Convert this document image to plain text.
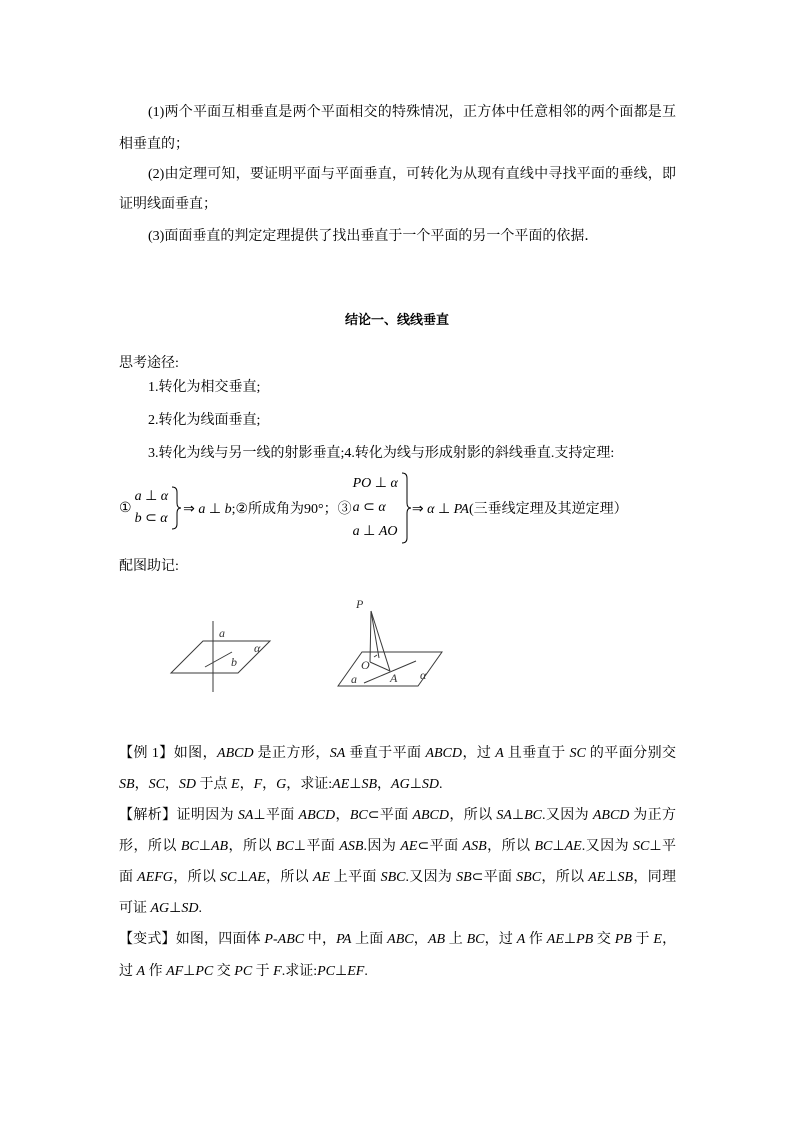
(1)两个平面互相垂直是两个平面相交的特殊情况，正方体中任意相邻的两个面都是互
相垂直的；
(2)由定理可知，要证明平面与平面垂直，可转化为从现有直线中寻找平面的垂线，即
证明线面垂直；
(3)面面垂直的判定定理提供了找出垂直于一个平面的另一个平面的依据．
结论一、线线垂直
思考途径:
1.转化为相交垂直;
2.转化为线面垂直;
3.转化为线与另一线的射影垂直;4.转化为线与形成射影的斜线垂直.支持定理:
①
a ⊥ α
b ⊂ α
⇒ a ⊥ b;②所成角为90°；③
PO ⊥ α
a ⊂ α
a ⊥ AO
⇒ α ⊥ PA(三垂线定理及其逆定理）
配图助记:
a
b
α
P
O
A
a	α
【例 1】如图，ABCD 是正方形，SA 垂直于平面 ABCD，过 A 且垂直于 SC 的平面分别交
SB，SC，SD 于点 E，F，G，求证:AE⊥SB，AG⊥SD.
【解析】证明因为 SA⊥平面 ABCD，BC⊂平面 ABCD，所以 SA⊥BC.又因为 ABCD 为正方
形，所以 BC⊥AB，所以 BC⊥平面 ASB.因为 AE⊂平面 ASB，所以 BC⊥AE.又因为 SC⊥平
面 AEFG，所以 SC⊥AE，所以 AE 上平面 SBC.又因为 SB⊂平面 SBC，所以 AE⊥SB，同理
可证 AG⊥SD.
【变式】如图，四面体 P-ABC 中，PA 上面 ABC，AB 上 BC，过 A 作 AE⊥PB 交 PB 于 E，
过 A 作 AF⊥PC 交 PC 于 F.求证:PC⊥EF.
